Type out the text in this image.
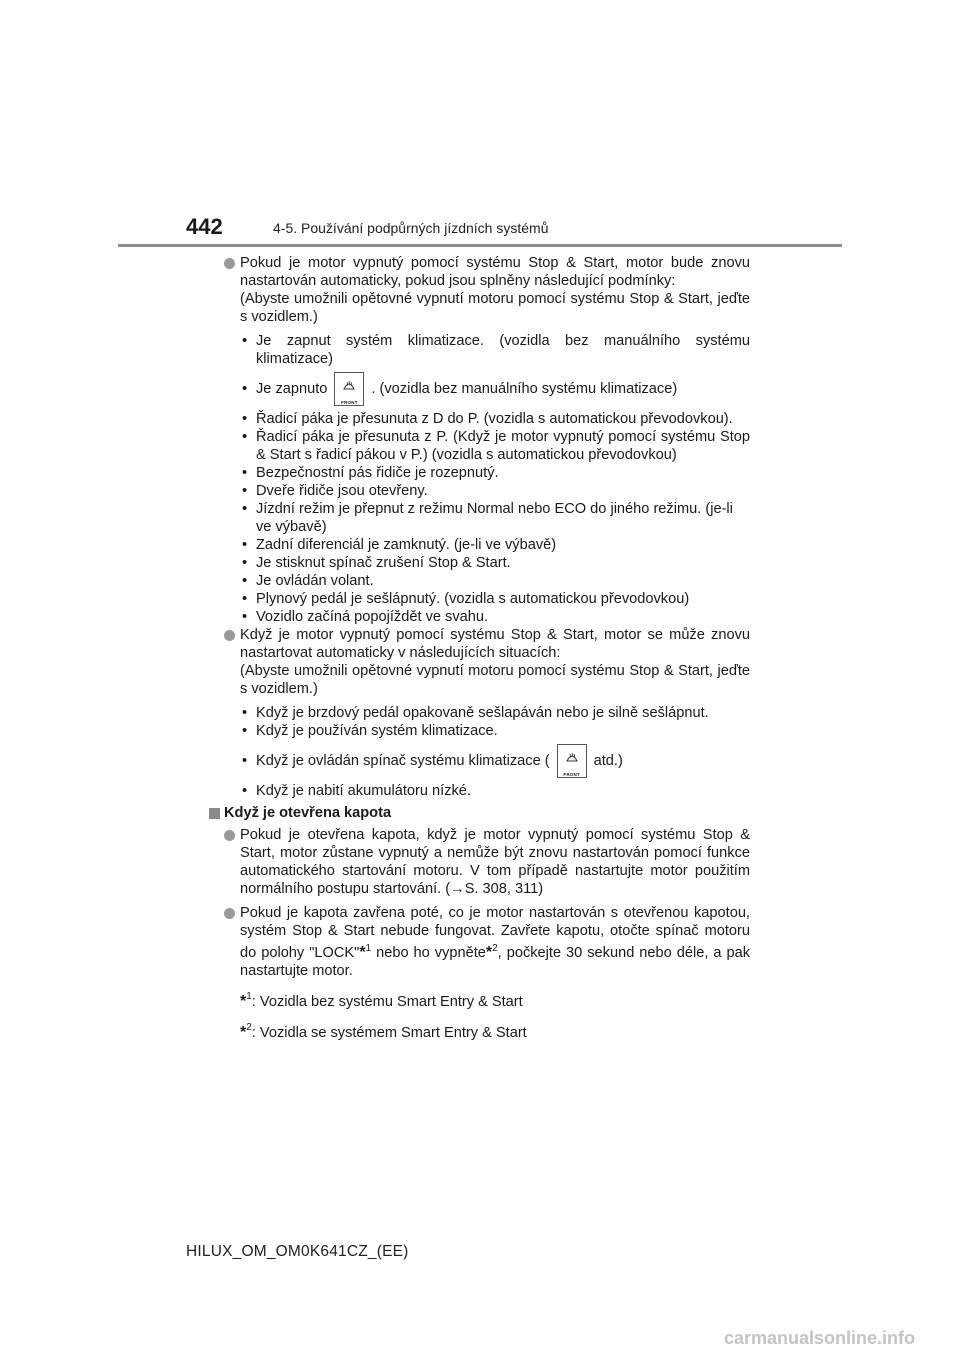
442	4-5. Používání podpůrných jízdních systémů
Pokud je motor vypnutý pomocí systému Stop & Start, motor bude znovu nastartován automaticky, pokud jsou splněny následující podmínky:
(Abyste umožnili opětovné vypnutí motoru pomocí systému Stop & Start, jeďte s vozidlem.)
• Je zapnut systém klimatizace. (vozidla bez manuálního systému klimatizace)
• Je zapnuto
FRONT
. (vozidla bez manuálního systému klimatizace)
• Řadicí páka je přesunuta z D do P. (vozidla s automatickou převodovkou).
• Řadicí páka je přesunuta z P. (Když je motor vypnutý pomocí systému Stop & Start s řadicí pákou v P.) (vozidla s automatickou převodovkou)
• Bezpečnostní pás řidiče je rozepnutý.
• Dveře řidiče jsou otevřeny.
• Jízdní režim je přepnut z režimu Normal nebo ECO do jiného režimu. (je-li ve výbavě)
• Zadní diferenciál je zamknutý. (je-li ve výbavě)
• Je stisknut spínač zrušení Stop & Start.
• Je ovládán volant.
• Plynový pedál je sešlápnutý. (vozidla s automatickou převodovkou)
• Vozidlo začíná popojíždět ve svahu.
Když je motor vypnutý pomocí systému Stop & Start, motor se může znovu nastartovat automaticky v následujících situacích:
(Abyste umožnili opětovné vypnutí motoru pomocí systému Stop & Start, jeďte s vozidlem.)
• Když je brzdový pedál opakovaně sešlapáván nebo je silně sešlápnut.
• Když je používán systém klimatizace.
• Když je ovládán spínač systému klimatizace (
FRONT
atd.)
• Když je nabití akumulátoru nízké.
Když je otevřena kapota
Pokud je otevřena kapota, když je motor vypnutý pomocí systému Stop & Start, motor zůstane vypnutý a nemůže být znovu nastartován pomocí funkce automatického startování motoru. V tom případě nastartujte motor použitím normálního postupu startování. (→S. 308, 311)
Pokud je kapota zavřena poté, co je motor nastartován s otevřenou kapotou, systém Stop & Start nebude fungovat. Zavřete kapotu, otočte spínač motoru do polohy "LOCK"*$^1$ nebo ho vypněte*$^2$, počkejte 30 sekund nebo déle, a pak nastartujte motor.
*$^1$: Vozidla bez systému Smart Entry & Start
*$^2$: Vozidla se systémem Smart Entry & Start
HILUX_OM_OM0K641CZ_(EE)
carmanualsonline.info
